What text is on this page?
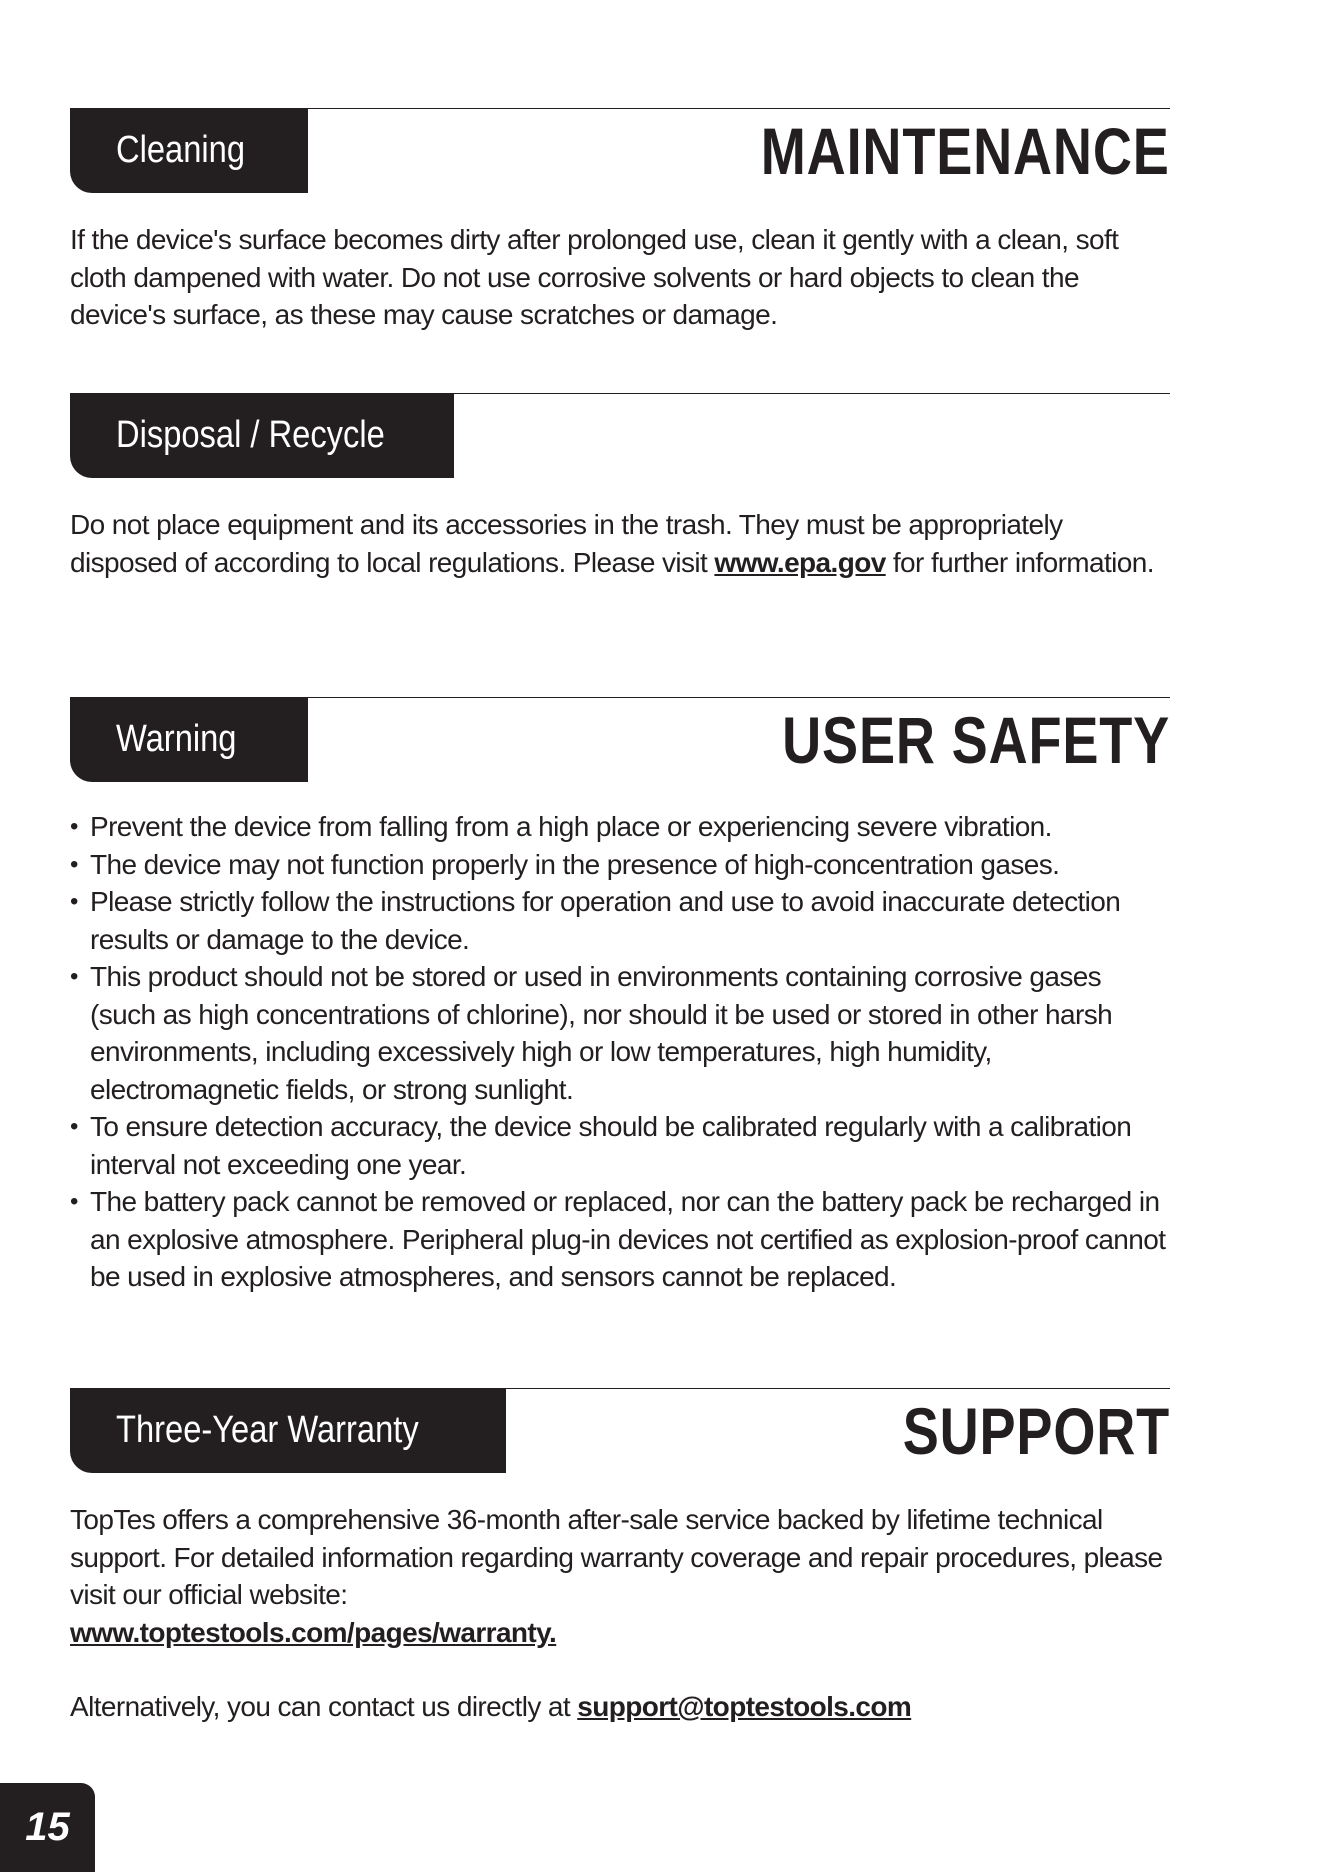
Cleaning	MAINTENANCE

If the device's surface becomes dirty after prolonged use, clean it gently with a clean, soft cloth dampened with water. Do not use corrosive solvents or hard objects to clean the device's surface, as these may cause scratches or damage.

Disposal / Recycle

Do not place equipment and its accessories in the trash. They must be appropriately disposed of according to local regulations. Please visit www.epa.gov for further information.

Warning	USER SAFETY
• Prevent the device from falling from a high place or experiencing severe vibration.
• The device may not function properly in the presence of high-concentration gases.
• Please strictly follow the instructions for operation and use to avoid inaccurate detection results or damage to the device.
• This product should not be stored or used in environments containing corrosive gases (such as high concentrations of chlorine), nor should it be used or stored in other harsh environments, including excessively high or low temperatures, high humidity, electromagnetic fields, or strong sunlight.
• To ensure detection accuracy, the device should be calibrated regularly with a calibration interval not exceeding one year.
• The battery pack cannot be removed or replaced, nor can the battery pack be recharged in an explosive atmosphere. Peripheral plug-in devices not certified as explosion-proof cannot be used in explosive atmospheres, and sensors cannot be replaced.
Three-Year Warranty	SUPPORT

TopTes offers a comprehensive 36-month after-sale service backed by lifetime technical support. For detailed information regarding warranty coverage and repair procedures, please visit our official website:

www.toptestools.com/pages/warranty.

Alternatively, you can contact us directly at support@toptestools.com

15
